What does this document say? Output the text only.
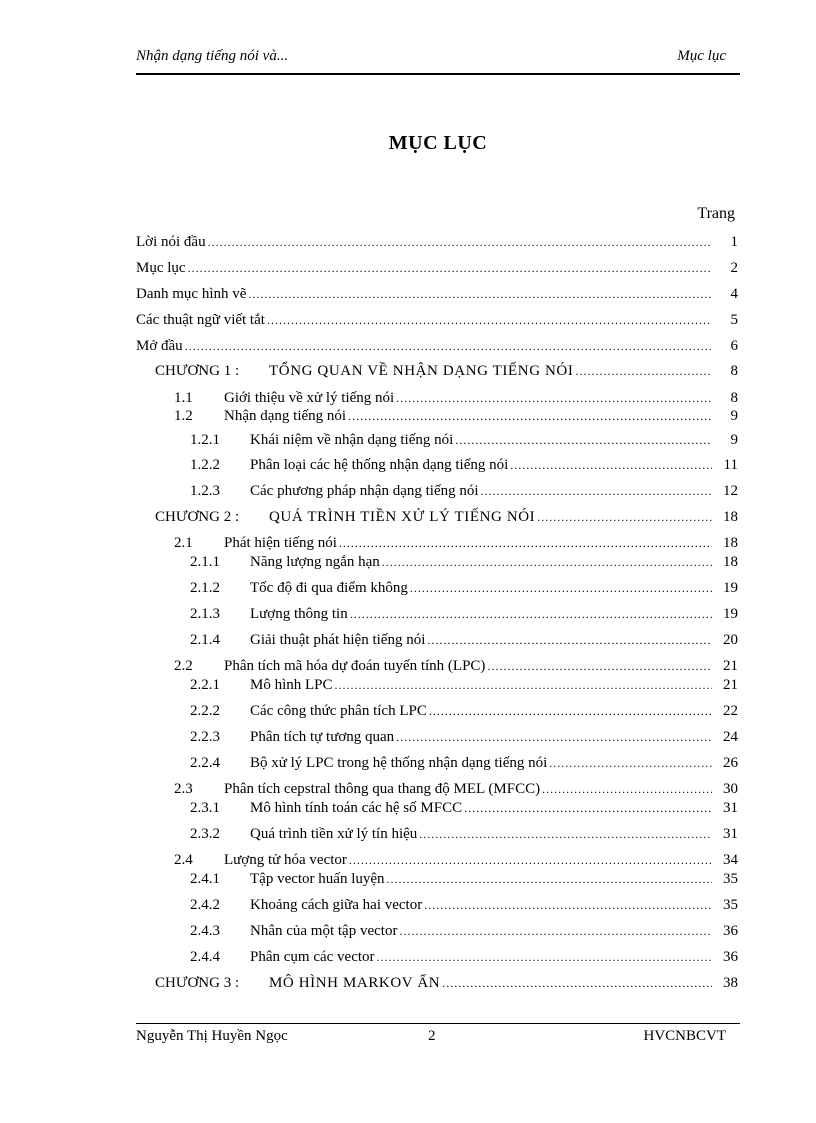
Nhận dạng tiếng nói và...	Mục lục
MỤC LỤC
Trang
Lời nói đầu .....	1
Mục lục .....	2
Danh mục hình vẽ .....	4
Các thuật ngữ viết tắt .....	5
Mở đầu .....	6
CHƯƠNG 1 :	TỔNG QUAN VỀ NHẬN DẠNG TIẾNG NÓI .....	8
1.1	Giới thiệu về xử lý tiếng nói .....	8
1.2	Nhận dạng tiếng nói .....	9
1.2.1	Khái niệm về nhận dạng tiếng nói .....	9
1.2.2	Phân loại các hệ thống nhận dạng tiếng nói .....	11
1.2.3	Các phương pháp nhận dạng tiếng nói .....	12
CHƯƠNG 2 :	QUÁ TRÌNH TIỀN XỬ LÝ TIẾNG NÓI .....	18
2.1	Phát hiện tiếng nói .....	18
2.1.1	Năng lượng ngắn hạn .....	18
2.1.2	Tốc độ đi qua điểm không .....	19
2.1.3	Lượng thông tin .....	19
2.1.4	Giải thuật phát hiện tiếng nói .....	20
2.2	Phân tích mã hóa dự đoán tuyến tính (LPC) .....	21
2.2.1	Mô hình LPC .....	21
2.2.2	Các công thức phân tích LPC .....	22
2.2.3	Phân tích tự tương quan .....	24
2.2.4	Bộ xử lý LPC trong hệ thống nhận dạng tiếng nói .....	26
2.3	Phân tích cepstral thông qua thang độ MEL (MFCC) .....	30
2.3.1	Mô hình tính toán các hệ số MFCC .....	31
2.3.2	Quá trình tiền xử lý tín hiệu .....	31
2.4	Lượng tử hóa vector .....	34
2.4.1	Tập vector huấn luyện .....	35
2.4.2	Khoảng cách giữa hai vector .....	35
2.4.3	Nhân của một tập vector .....	36
2.4.4	Phân cụm các vector .....	36
CHƯƠNG 3 :	MÔ HÌNH MARKOV ẨN .....	38
Nguyễn Thị Huyền Ngọc	2	HVCNBCVT
